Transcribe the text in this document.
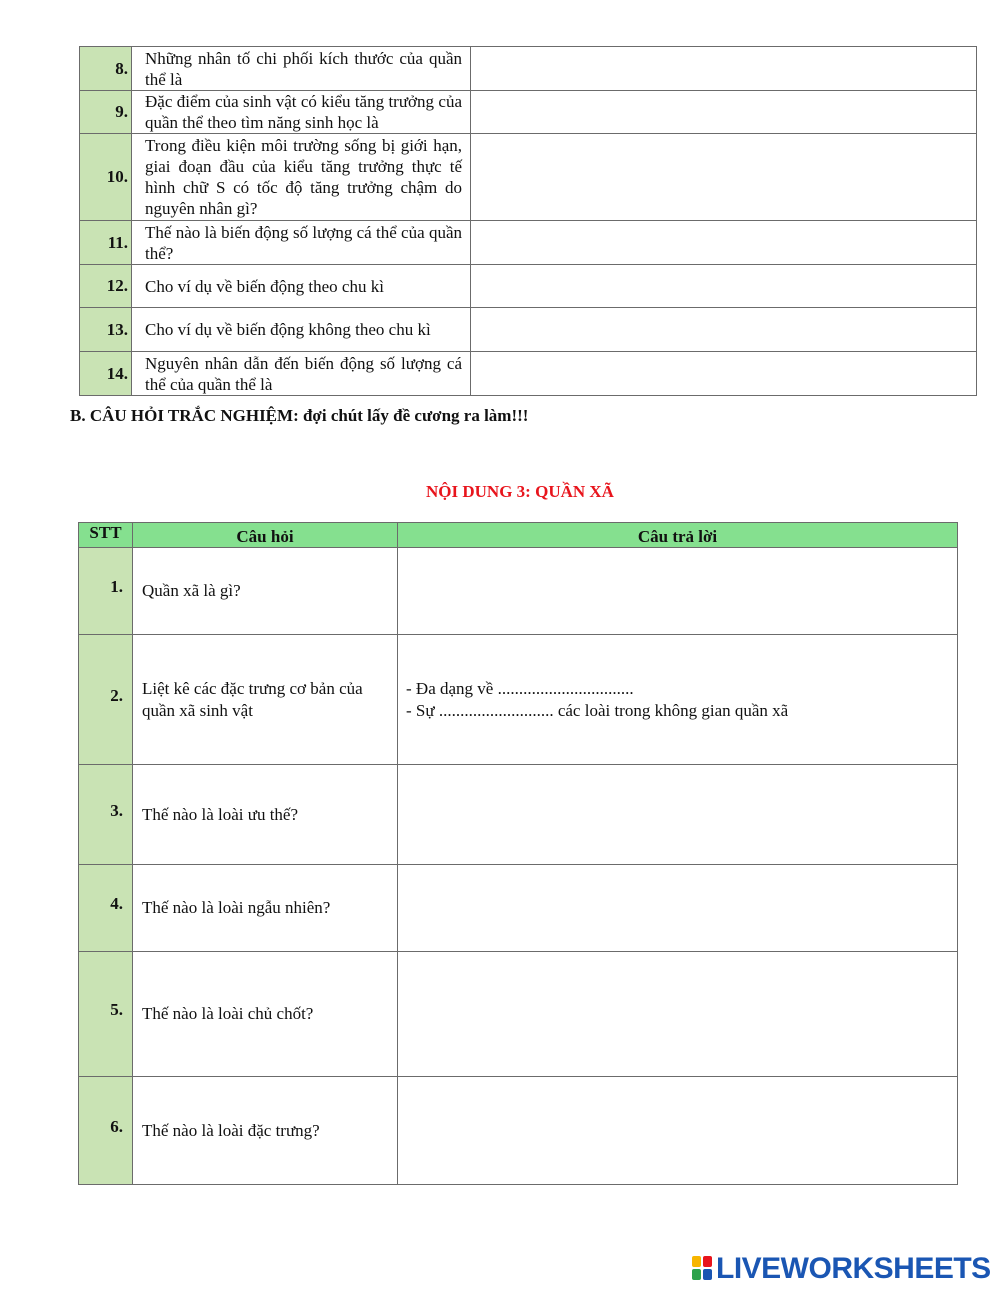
8.	Những nhân tố chi phối kích thước của quần thể là	
9.	Đặc điểm của sinh vật có kiểu tăng trưởng của quần thể theo tìm năng sinh học là	
10.	Trong điều kiện môi trường sống bị giới hạn, giai đoạn đầu của kiểu tăng trưởng thực tế hình chữ S có tốc độ tăng trưởng chậm do nguyên nhân gì?	
11.	Thế nào là biến động số lượng cá thể của quần thể?	
12.	Cho ví dụ về biến động theo chu kì	
13.	Cho ví dụ về biến động không theo chu kì	
14.	Nguyên nhân dẫn đến biến động số lượng cá thể của quần thể là	
B. CÂU HỎI TRẮC NGHIỆM: đợi chút lấy đề cương ra làm!!!
NỘI DUNG 3: QUẦN XÃ
STT	Câu hỏi	Câu trả lời
1.	Quần xã là gì?	
2.	Liệt kê các đặc trưng cơ bản của quần xã sinh vật	- Đa dạng về ................................
- Sự ........................... các loài trong không gian quần xã

3.	Thế nào là loài ưu thế?	
4.	Thế nào là loài ngẫu nhiên?	
5.	Thế nào là loài chủ chốt?	
6.	Thế nào là loài đặc trưng?	
LIVEWORKSHEETS
